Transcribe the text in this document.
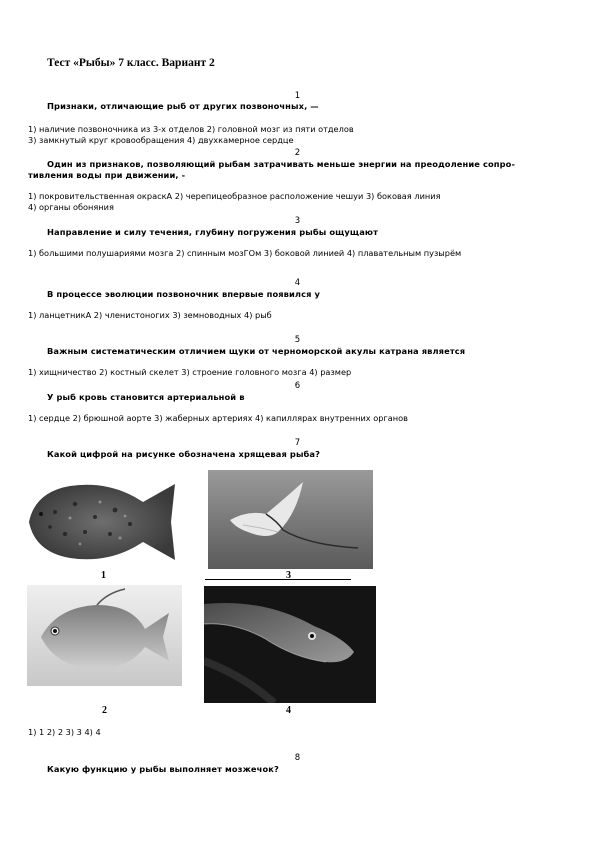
Тест «Рыбы» 7 класс. Вариант 2
1
Признаки, отличающие рыб от других позвоночных, —
1) наличие позвоночника из 3-х отделов 2) головной мозг из пяти отделов
3) замкнутый круг кровообращения 4) двухкамерное сердце
2
Один из признаков, позволяющий рыбам затрачивать меньше энергии на преодоление сопро-
тивления воды при движении, -
1) покровительственная окраскА 2) черепицеобразное расположение чешуи 3) боковая линия
4) органы обоняния
3
Направление и силу течения, глубину погружения рыбы ощущают
1) большими полушариями мозга 2) спинным мозГОм 3) боковой линией 4) плавательным пузырём
4
В процессе эволюции позвоночник впервые появился у
1) ланцетникА 2) членистоногих 3) земноводных 4) рыб
5
Важным систематическим отличием щуки от черноморской акулы катрана является
1) хищничество 2) костный скелет 3) строение головного мозга 4) размер
6
У рыб кровь становится артериальной в
1) сердце 2) брюшной аорте 3) жаберных артериях 4) капиллярах внутренних органов
7
Какой цифрой на рисунке обозначена хрящевая рыба?
1	3
2	4
1) 1 2) 2 3) 3 4) 4
8
Какую функцию у рыбы выполняет мозжечок?
